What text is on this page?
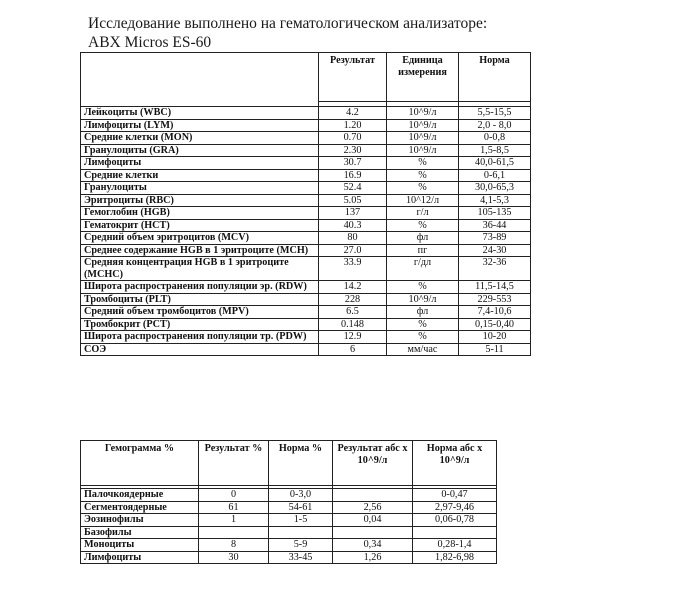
Исследование выполнено на гематологическом анализаторе:
ABX Micros ES-60
	Результат	Единица измерения	Норма

Лейкоциты (WBC)	4.2	10^9/л	5,5-15,5
Лимфоциты (LYM)	1.20	10^9/л	2,0 - 8,0
Средние клетки (MON)	0.70	10^9/л	0-0,8
Гранулоциты (GRA)	2.30	10^9/л	1,5-8,5
Лимфоциты	30.7	%	40,0-61,5
Средние клетки	16.9	%	0-6,1
Гранулоциты	52.4	%	30,0-65,3
Эритроциты (RBC)	5.05	10^12/л	4,1-5,3
Гемоглобин (HGB)	137	г/л	105-135
Гематокрит (НСТ)	40.3	%	36-44
Средний объем эритроцитов (MCV)	80	фл	73-89
Среднее содержание HGB в 1 эритроците (МСН)	27.0	пг	24-30
Средняя концентрация HGB в 1 эритроците (МСНС)	33.9	г/дл	32-36
Широта распространения популяции эр. (RDW)	14.2	%	11,5-14,5
Тромбоциты (PLT)	228	10^9/л	229-553
Средний объем тромбоцитов (MPV)	6.5	фл	7,4-10,6
Тромбокрит (РСТ)	0.148	%	0,15-0,40
Широта распространения популяции тр. (PDW)	12.9	%	10-20
СОЭ	6	мм/час	5-11
Гемограмма %	Результат %	Норма %	Результат абс х 10^9/л	Норма абс х 10^9/л

Палочкоядерные	0	0-3,0		0-0,47
Сегментоядерные	61	54-61	2,56	2,97-9,46
Эозинофилы	1	1-5	0,04	0,06-0,78
Базофилы				
Моноциты	8	5-9	0,34	0,28-1,4
Лимфоциты	30	33-45	1,26	1,82-6,98
